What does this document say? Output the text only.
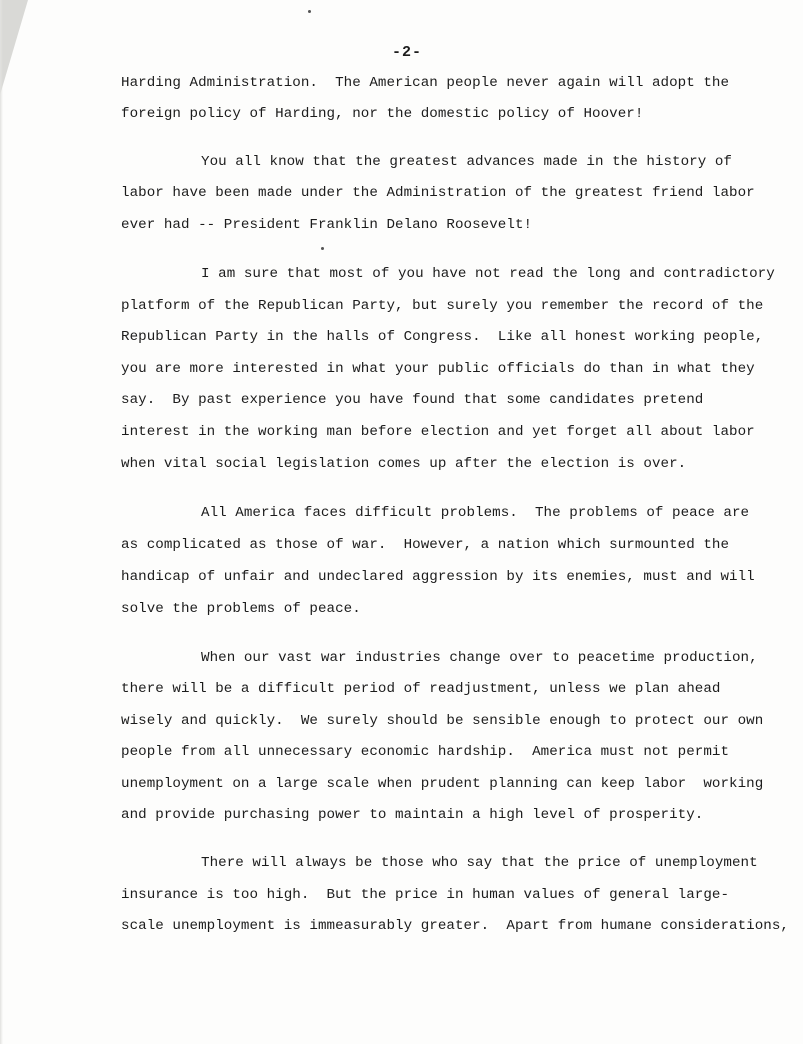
-2-
Harding Administration.  The American people never again will adopt the
foreign policy of Harding, nor the domestic policy of Hoover!
You all know that the greatest advances made in the history of
labor have been made under the Administration of the greatest friend labor
ever had -- President Franklin Delano Roosevelt!
I am sure that most of you have not read the long and contradictory
platform of the Republican Party, but surely you remember the record of the
Republican Party in the halls of Congress.  Like all honest working people,
you are more interested in what your public officials do than in what they
say.  By past experience you have found that some candidates pretend
interest in the working man before election and yet forget all about labor
when vital social legislation comes up after the election is over.
All America faces difficult problems.  The problems of peace are
as complicated as those of war.  However, a nation which surmounted the
handicap of unfair and undeclared aggression by its enemies, must and will
solve the problems of peace.
When our vast war industries change over to peacetime production,
there will be a difficult period of readjustment, unless we plan ahead
wisely and quickly.  We surely should be sensible enough to protect our own
people from all unnecessary economic hardship.  America must not permit
unemployment on a large scale when prudent planning can keep labor  working
and provide purchasing power to maintain a high level of prosperity.
There will always be those who say that the price of unemployment
insurance is too high.  But the price in human values of general large-
scale unemployment is immeasurably greater.  Apart from humane considerations,
